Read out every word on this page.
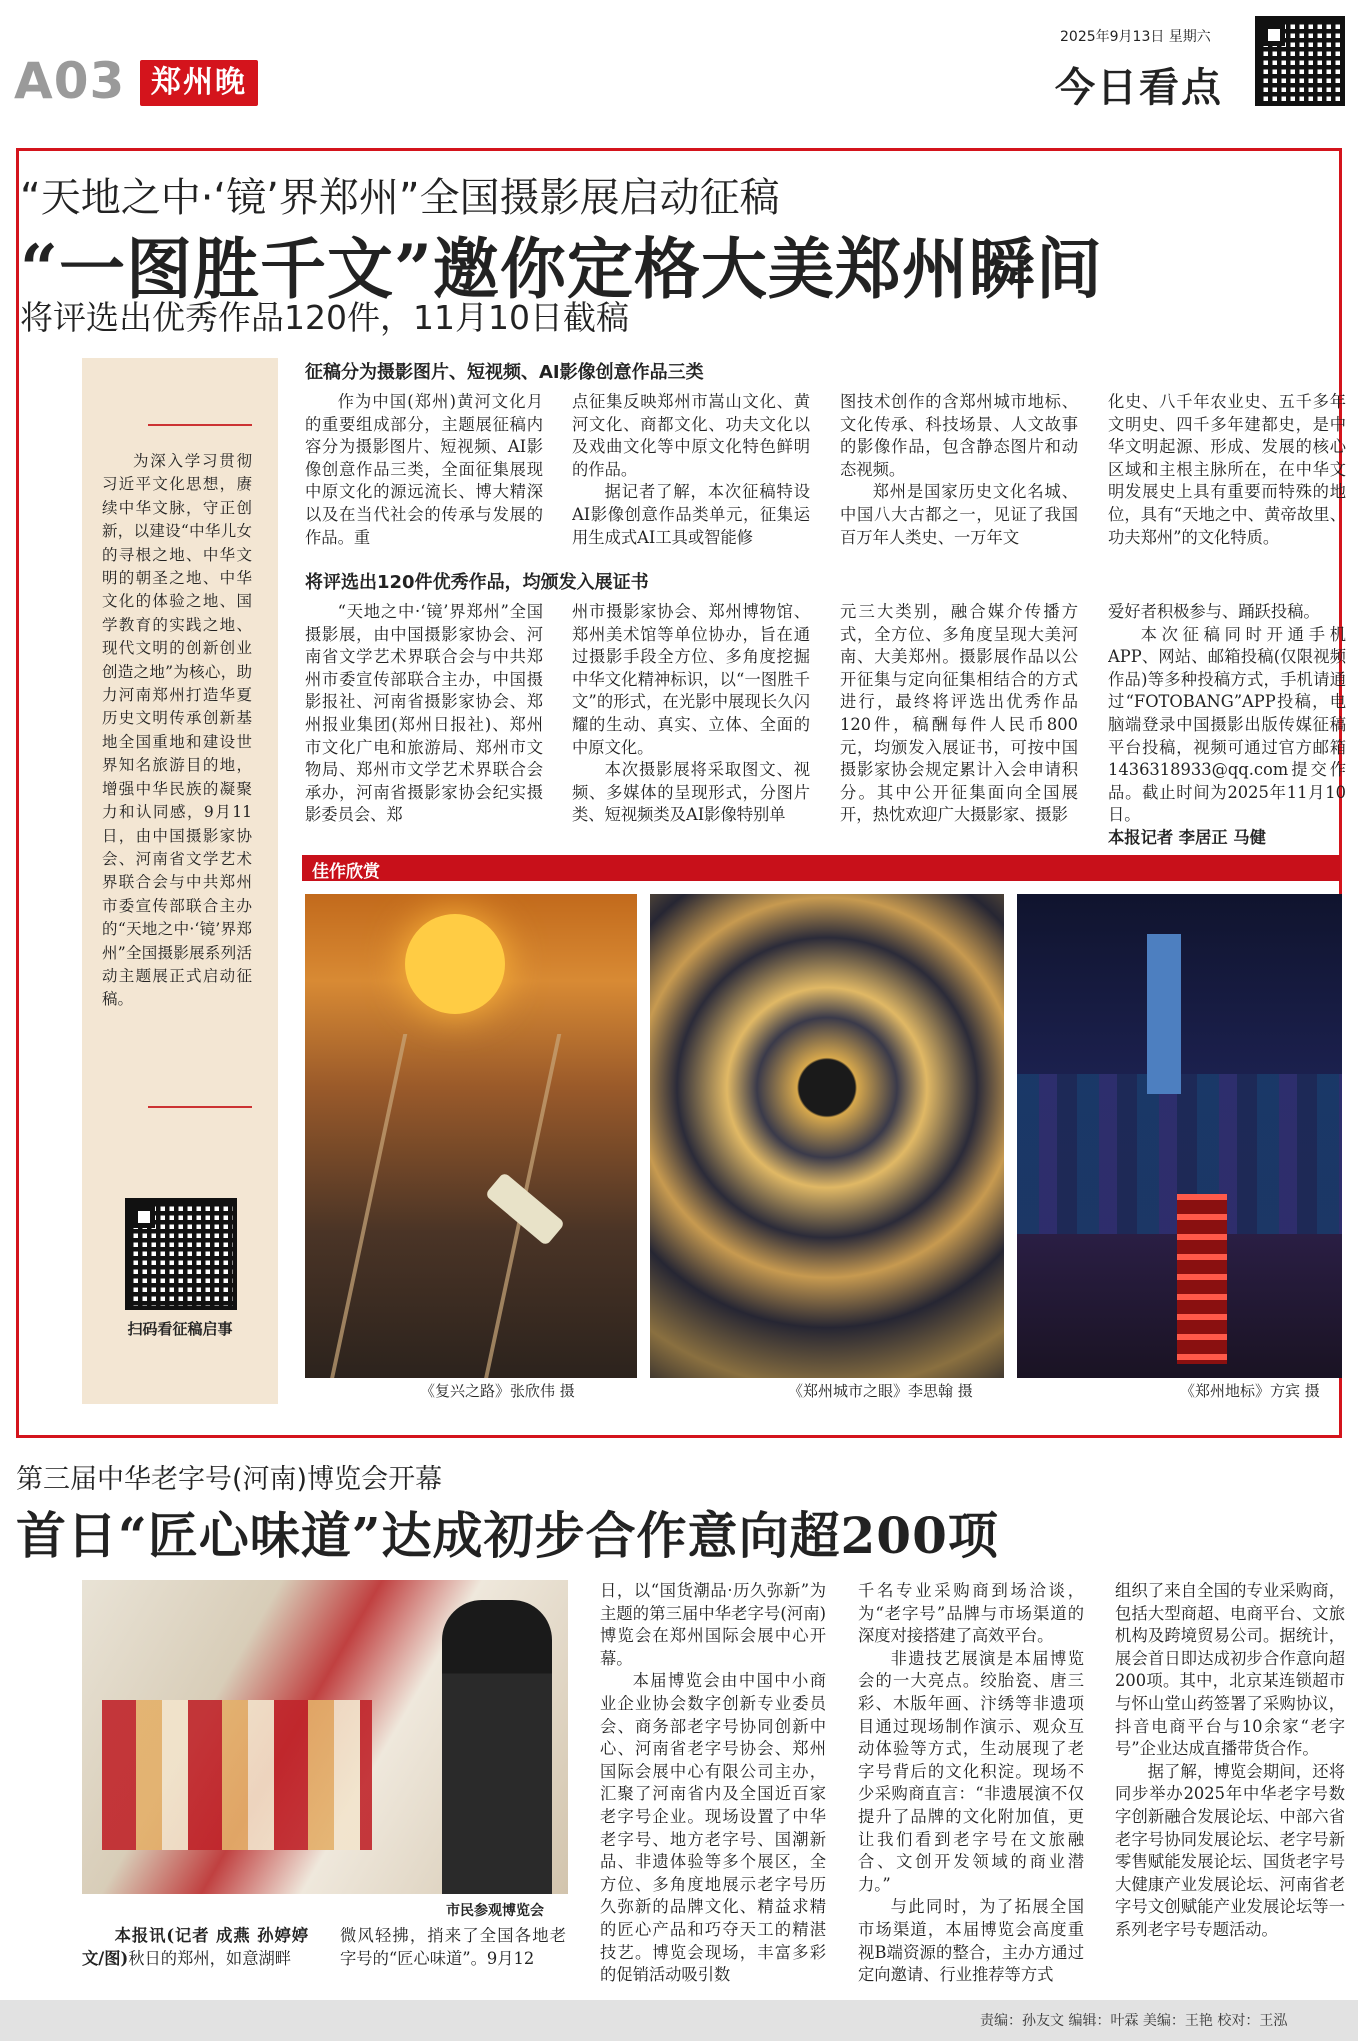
A03 郑州晚报
2025年9月13日 星期六
今日看点
“天地之中·‘镜’界郑州”全国摄影展启动征稿
“一图胜千文”邀你定格大美郑州瞬间
将评选出优秀作品120件，11月10日截稿

为深入学习贯彻习近平文化思想，赓续中华文脉，守正创新，以建设“中华儿女的寻根之地、中华文明的朝圣之地、中华文化的体验之地、国学教育的实践之地、现代文明的创新创业创造之地”为核心，助力河南郑州打造华夏历史文明传承创新基地全国重地和建设世界知名旅游目的地，增强中华民族的凝聚力和认同感，9月11日，由中国摄影家协会、河南省文学艺术界联合会与中共郑州市委宣传部联合主办的“天地之中·‘镜’界郑州”全国摄影展系列活动主题展正式启动征稿。

扫码看征稿启事
征稿分为摄影图片、短视频、AI影像创意作品三类

作为中国(郑州)黄河文化月的重要组成部分，主题展征稿内容分为摄影图片、短视频、AI影像创意作品三类，全面征集展现中原文化的源远流长、博大精深以及在当代社会的传承与发展的作品。重

点征集反映郑州市嵩山文化、黄河文化、商都文化、功夫文化以及戏曲文化等中原文化特色鲜明的作品。

据记者了解，本次征稿特设AI影像创意作品类单元，征集运用生成式AI工具或智能修

图技术创作的含郑州城市地标、文化传承、科技场景、人文故事的影像作品，包含静态图片和动态视频。

郑州是国家历史文化名城、中国八大古都之一，见证了我国百万年人类史、一万年文

化史、八千年农业史、五千多年文明史、四千多年建都史，是中华文明起源、形成、发展的核心区域和主根主脉所在，在中华文明发展史上具有重要而特殊的地位，具有“天地之中、黄帝故里、功夫郑州”的文化特质。

将评选出120件优秀作品，均颁发入展证书

“天地之中·‘镜’界郑州”全国摄影展，由中国摄影家协会、河南省文学艺术界联合会与中共郑州市委宣传部联合主办，中国摄影报社、河南省摄影家协会、郑州报业集团(郑州日报社)、郑州市文化广电和旅游局、郑州市文物局、郑州市文学艺术界联合会承办，河南省摄影家协会纪实摄影委员会、郑

州市摄影家协会、郑州博物馆、郑州美术馆等单位协办，旨在通过摄影手段全方位、多角度挖掘中华文化精神标识，以“一图胜千文”的形式，在光影中展现长久闪耀的生动、真实、立体、全面的中原文化。

本次摄影展将采取图文、视频、多媒体的呈现形式，分图片类、短视频类及AI影像特别单

元三大类别，融合媒介传播方式，全方位、多角度呈现大美河南、大美郑州。摄影展作品以公开征集与定向征集相结合的方式进行，最终将评选出优秀作品120件，稿酬每件人民币800元，均颁发入展证书，可按中国摄影家协会规定累计入会申请积分。其中公开征集面向全国展开，热忱欢迎广大摄影家、摄影

爱好者积极参与、踊跃投稿。

本次征稿同时开通手机APP、网站、邮箱投稿(仅限视频作品)等多种投稿方式，手机请通过“FOTOBANG”APP投稿，电脑端登录中国摄影出版传媒征稿平台投稿，视频可通过官方邮箱1436318933@qq.com提交作品。截止时间为2025年11月10日。

本报记者 李居正 马健

佳作欣赏
《复兴之路》张欣伟 摄	《郑州城市之眼》李思翰 摄	《郑州地标》方宾 摄
第三届中华老字号(河南)博览会开幕
首日“匠心味道”达成初步合作意向超200项
市民参观博览会

本报讯(记者 成燕 孙婷婷 文/图)秋日的郑州，如意湖畔

微风轻拂，捎来了全国各地老字号的“匠心味道”。9月12

日，以“国货潮品·历久弥新”为主题的第三届中华老字号(河南)博览会在郑州国际会展中心开幕。

本届博览会由中国中小商业企业协会数字创新专业委员会、商务部老字号协同创新中心、河南省老字号协会、郑州国际会展中心有限公司主办，汇聚了河南省内及全国近百家老字号企业。现场设置了中华老字号、地方老字号、国潮新品、非遗体验等多个展区，全方位、多角度地展示老字号历久弥新的品牌文化、精益求精的匠心产品和巧夺天工的精湛技艺。博览会现场，丰富多彩的促销活动吸引数

千名专业采购商到场洽谈，为“老字号”品牌与市场渠道的深度对接搭建了高效平台。

非遗技艺展演是本届博览会的一大亮点。绞胎瓷、唐三彩、木版年画、汴绣等非遗项目通过现场制作演示、观众互动体验等方式，生动展现了老字号背后的文化积淀。现场不少采购商直言：“非遗展演不仅提升了品牌的文化附加值，更让我们看到老字号在文旅融合、文创开发领域的商业潜力。”

与此同时，为了拓展全国市场渠道，本届博览会高度重视B端资源的整合，主办方通过定向邀请、行业推荐等方式

组织了来自全国的专业采购商，包括大型商超、电商平台、文旅机构及跨境贸易公司。据统计，展会首日即达成初步合作意向超200项。其中，北京某连锁超市与怀山堂山药签署了采购协议，抖音电商平台与10余家“老字号”企业达成直播带货合作。

据了解，博览会期间，还将同步举办2025年中华老字号数字创新融合发展论坛、中部六省老字号协同发展论坛、老字号新零售赋能发展论坛、国货老字号大健康产业发展论坛、河南省老字号文创赋能产业发展论坛等一系列老字号专题活动。

责编：孙友文 编辑：叶霖 美编：王艳 校对：王泓
